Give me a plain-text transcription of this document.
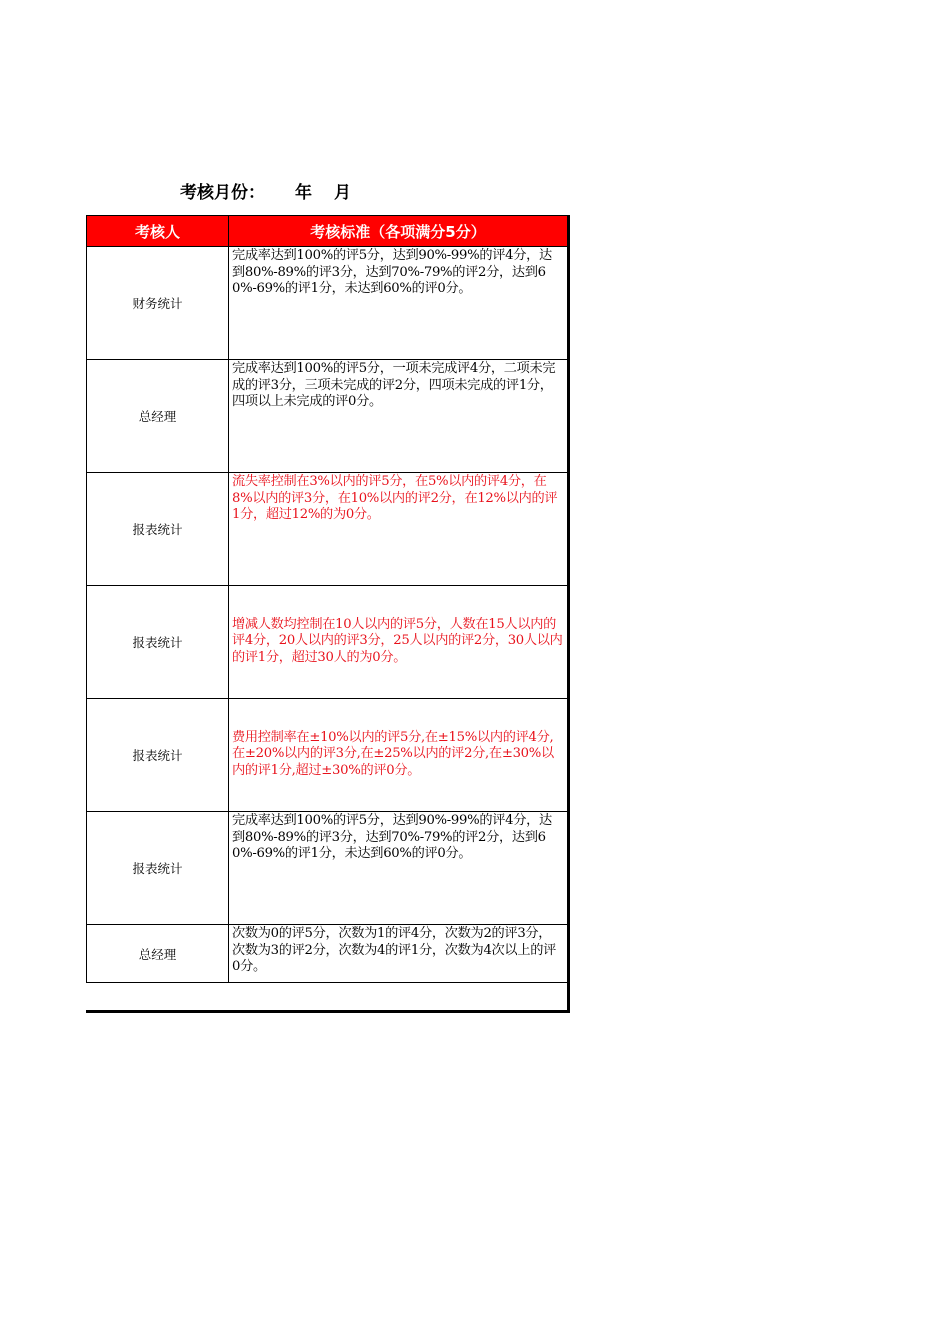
考核月份： 年 月
考核人	考核标准（各项满分5分）
财务统计	完成率达到100%的评5分，达到90%-99%的评4分，达到80%-89%的评3分，达到70%-79%的评2分，达到60%-69%的评1分，未达到60%的评0分。

总经理	完成率达到100%的评5分，一项未完成评4分，二项未完成的评3分，三项未完成的评2分，四项未完成的评1分，四项以上未完成的评0分。

报表统计	流失率控制在3%以内的评5分，在5%以内的评4分，在8%以内的评3分，在10%以内的评2分，在12%以内的评1分，超过12%的为0分。

报表统计	增减人数均控制在10人以内的评5分，人数在15人以内的评4分，20人以内的评3分，25人以内的评2分，30人以内的评1分，超过30人的为0分。

报表统计	费用控制率在±10%以内的评5分,在±15%以内的评4分,在±20%以内的评3分,在±25%以内的评2分,在±30%以内的评1分,超过±30%的评0分。

报表统计	完成率达到100%的评5分，达到90%-99%的评4分，达到80%-89%的评3分，达到70%-79%的评2分，达到60%-69%的评1分，未达到60%的评0分。

总经理	次数为0的评5分，次数为1的评4分，次数为2的评3分，次数为3的评2分，次数为4的评1分，次数为4次以上的评0分。
